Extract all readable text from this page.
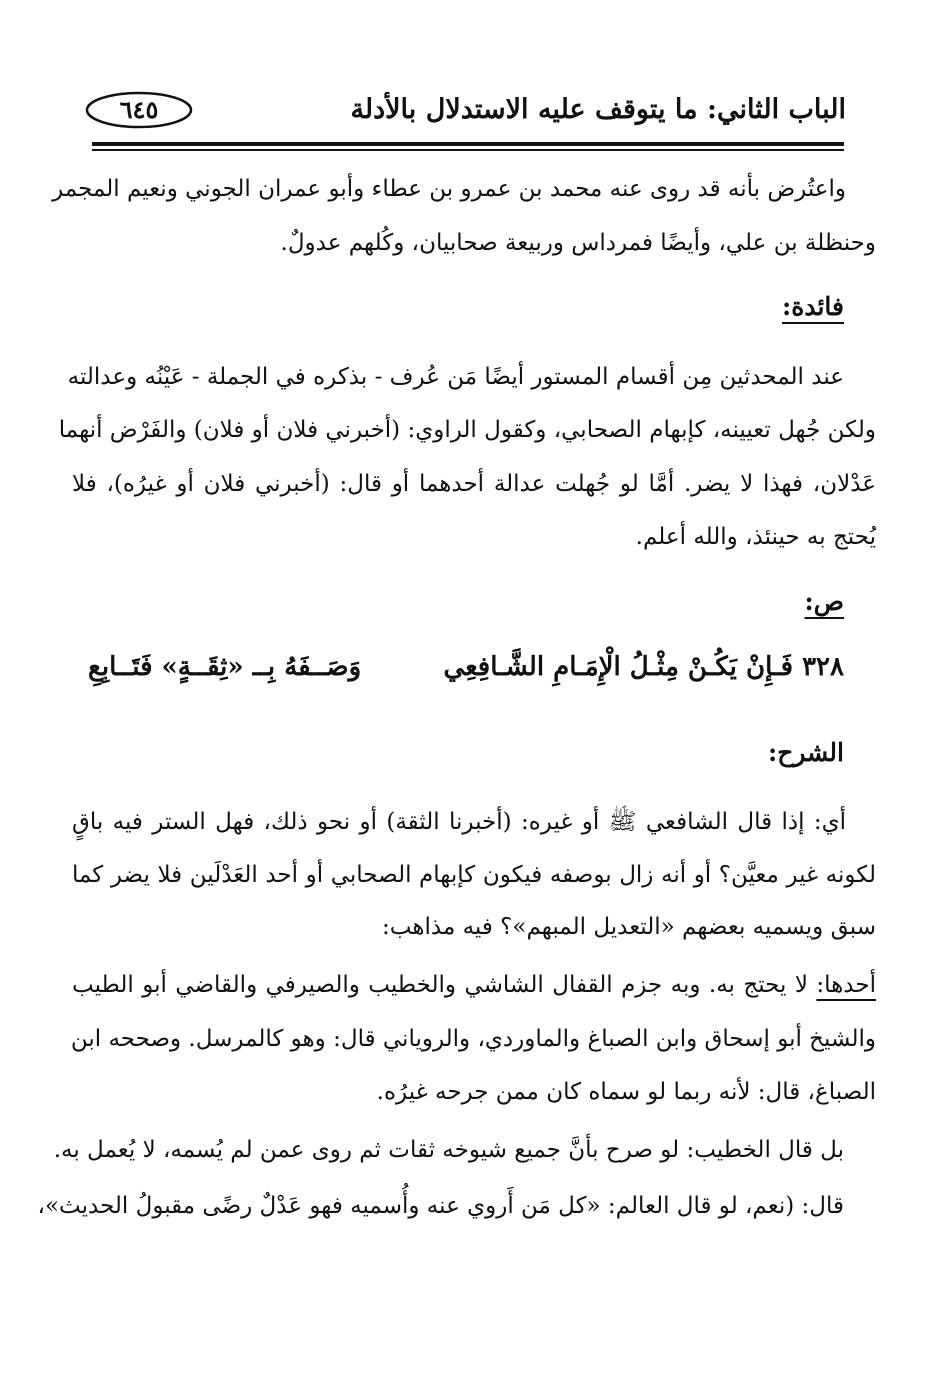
الباب الثاني: ما يتوقف عليه الاستدلال بالأدلة
٦٤٥
واعتُرض بأنه قد روى عنه محمد بن عمرو بن عطاء وأبو عمران الجوني ونعيم المجمر
وحنظلة بن علي، وأيضًا فمرداس وربيعة صحابيان، وكُلهم عدولٌ.
فائدة:
عند المحدثين مِن أقسام المستور أيضًا مَن عُرف - بذكره في الجملة - عَيْنُه وعدالته
ولكن جُهل تعيينه، كإبهام الصحابي، وكقول الراوي: (أخبرني فلان أو فلان) والفَرْض أنهما
عَدْلان، فهذا لا يضر. أمَّا لو جُهلت عدالة أحدهما أو قال: (أخبرني فلان أو غيرُه)، فلا
يُحتج به حينئذ، والله أعلم.
ص:
٣٢٨ فَـإِنْ يَكُـنْ مِثْـلُ الْإِمَـامِ الشَّـافِعِي
وَصَــفَهُ بِــ «ثِقَــةٍ» فَتَــابِعِ
الشرح:
أي: إذا قال الشافعي ﷺ أو غيره: (أخبرنا الثقة) أو نحو ذلك، فهل الستر فيه باقٍ
لكونه غير معيَّن؟ أو أنه زال بوصفه فيكون كإبهام الصحابي أو أحد العَدْلَين فلا يضر كما
سبق ويسميه بعضهم «التعديل المبهم»؟ فيه مذاهب:
أحدها: لا يحتج به. وبه جزم القفال الشاشي والخطيب والصيرفي والقاضي أبو الطيب
والشيخ أبو إسحاق وابن الصباغ والماوردي، والروياني قال: وهو كالمرسل. وصححه ابن
الصباغ، قال: لأنه ربما لو سماه كان ممن جرحه غيرُه.
بل قال الخطيب: لو صرح بأنَّ جميع شيوخه ثقات ثم روى عمن لم يُسمه، لا يُعمل به.
قال: (نعم، لو قال العالم: «كل مَن أَروي عنه وأُسميه فهو عَدْلٌ رضًى مقبولُ الحديث»،
